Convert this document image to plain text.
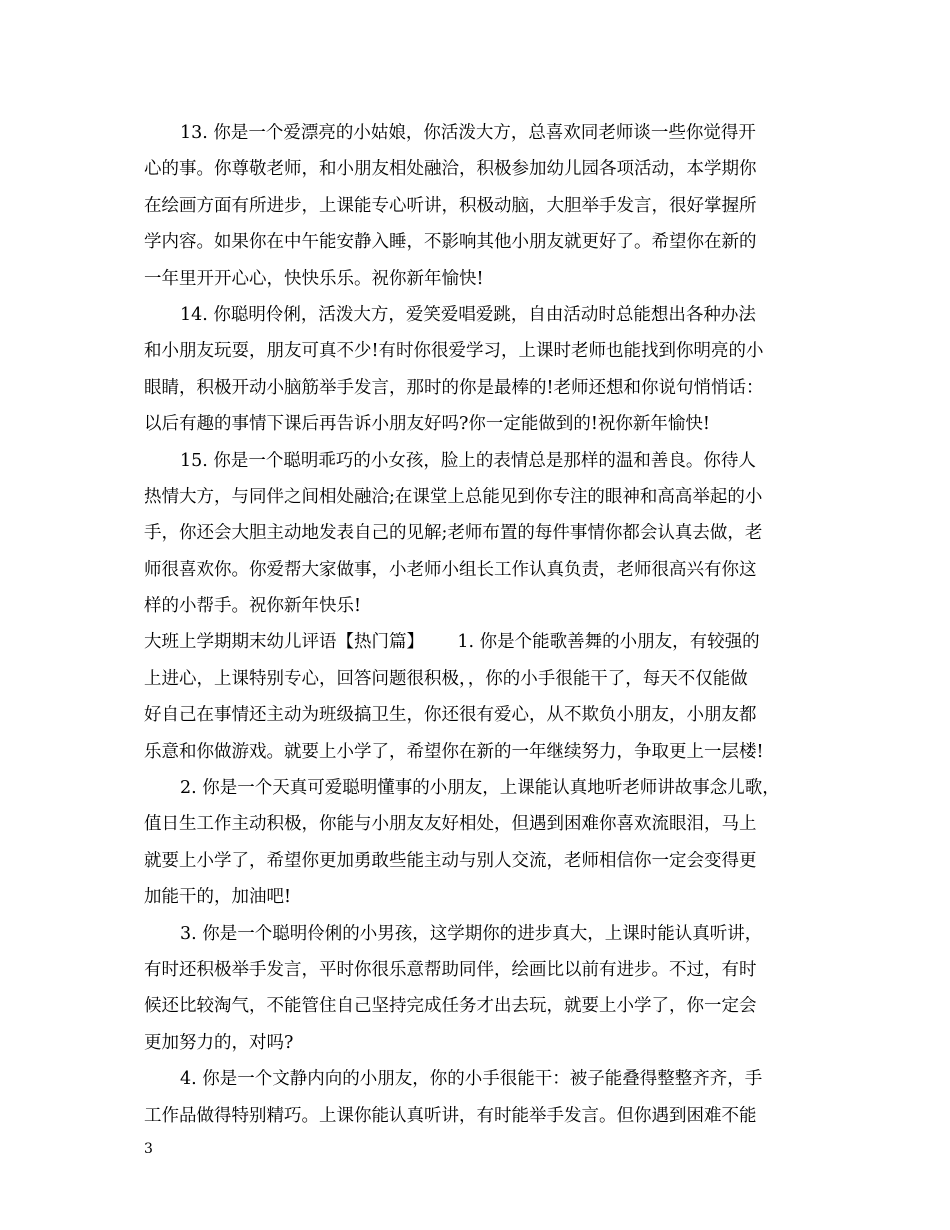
13. 你是一个爱漂亮的小姑娘，你活泼大方，总喜欢同老师谈一些你觉得开
心的事。你尊敬老师，和小朋友相处融洽，积极参加幼儿园各项活动，本学期你
在绘画方面有所进步，上课能专心听讲，积极动脑，大胆举手发言，很好掌握所
学内容。如果你在中午能安静入睡，不影响其他小朋友就更好了。希望你在新的
一年里开开心心，快快乐乐。祝你新年愉快!
14. 你聪明伶俐，活泼大方，爱笑爱唱爱跳，自由活动时总能想出各种办法
和小朋友玩耍，朋友可真不少!有时你很爱学习，上课时老师也能找到你明亮的小
眼睛，积极开动小脑筋举手发言，那时的你是最棒的!老师还想和你说句悄悄话：
以后有趣的事情下课后再告诉小朋友好吗?你一定能做到的!祝你新年愉快!
15. 你是一个聪明乖巧的小女孩，脸上的表情总是那样的温和善良。你待人
热情大方，与同伴之间相处融洽;在课堂上总能见到你专注的眼神和高高举起的小
手，你还会大胆主动地发表自己的见解;老师布置的每件事情你都会认真去做，老
师很喜欢你。你爱帮大家做事，小老师小组长工作认真负责，老师很高兴有你这
样的小帮手。祝你新年快乐!
大班上学期期末幼儿评语【热门篇】      1. 你是个能歌善舞的小朋友，有较强的
上进心，上课特别专心，回答问题很积极，，你的小手很能干了，每天不仅能做
好自己在事情还主动为班级搞卫生，你还很有爱心，从不欺负小朋友，小朋友都
乐意和你做游戏。就要上小学了，希望你在新的一年继续努力，争取更上一层楼!
2. 你是一个天真可爱聪明懂事的小朋友，上课能认真地听老师讲故事念儿歌，
值日生工作主动积极，你能与小朋友友好相处，但遇到困难你喜欢流眼泪，马上
就要上小学了，希望你更加勇敢些能主动与别人交流，老师相信你一定会变得更
加能干的，加油吧!
3. 你是一个聪明伶俐的小男孩，这学期你的进步真大，上课时能认真听讲，
有时还积极举手发言，平时你很乐意帮助同伴，绘画比以前有进步。不过，有时
候还比较淘气，不能管住自己坚持完成任务才出去玩，就要上小学了，你一定会
更加努力的，对吗?
4. 你是一个文静内向的小朋友，你的小手很能干：被子能叠得整整齐齐，手
工作品做得特别精巧。上课你能认真听讲，有时能举手发言。但你遇到困难不能
3
